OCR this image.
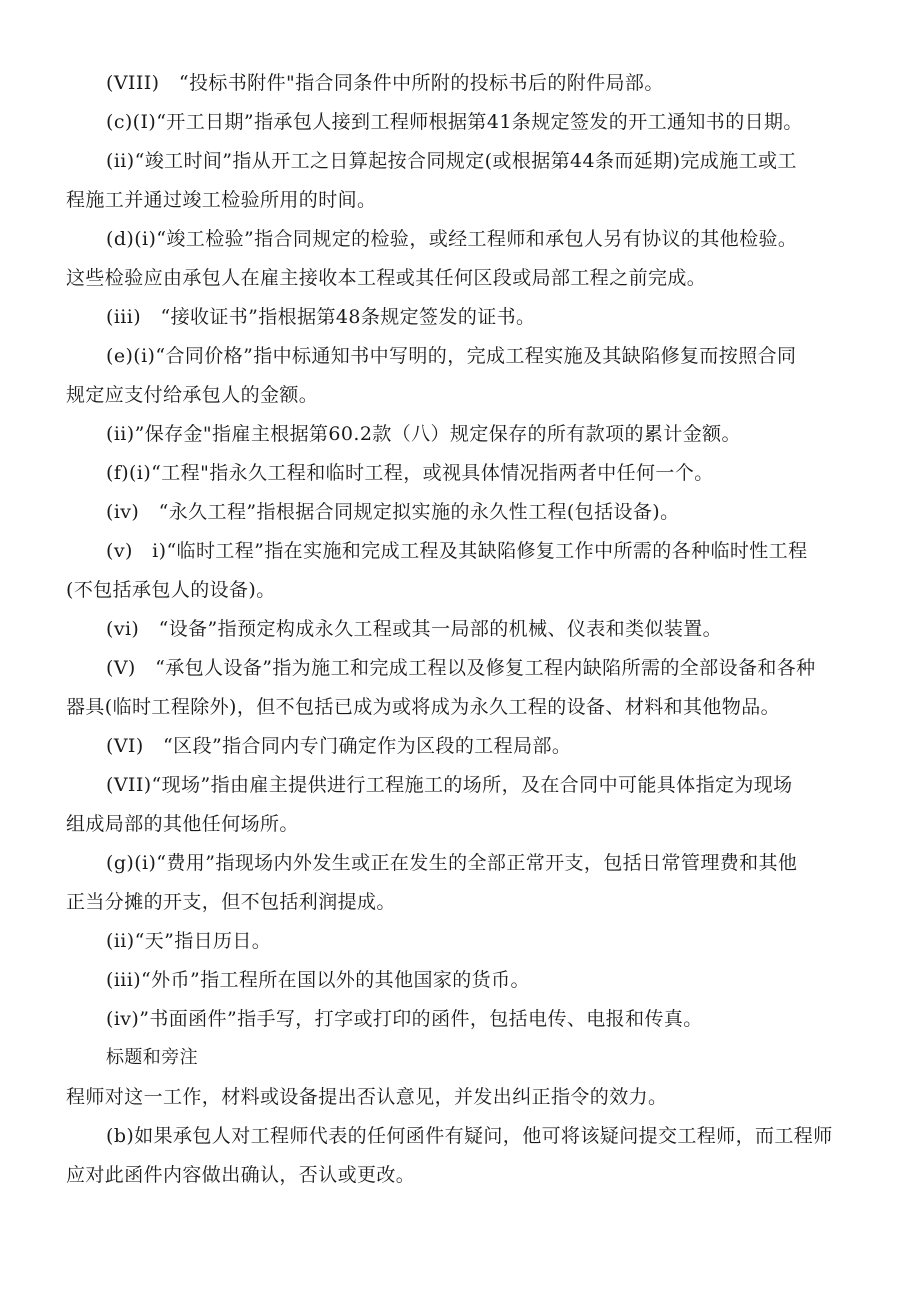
(VIII)　“投标书附件"指合同条件中所附的投标书后的附件局部。
(c)(I)“开工日期”指承包人接到工程师根据第41条规定签发的开工通知书的日期。
(ii)“竣工时间”指从开工之日算起按合同规定(或根据第44条而延期)完成施工或工
程施工并通过竣工检验所用的时间。
(d)(i)“竣工检验”指合同规定的检验，或经工程师和承包人另有协议的其他检验。
这些检验应由承包人在雇主接收本工程或其任何区段或局部工程之前完成。
(iii)　“接收证书”指根据第48条规定签发的证书。
(e)(i)“合同价格”指中标通知书中写明的，完成工程实施及其缺陷修复而按照合同
规定应支付给承包人的金额。
(ii)”保存金"指雇主根据第60.2款（八）规定保存的所有款项的累计金额。
(f)(i)“工程"指永久工程和临时工程，或视具体情况指两者中任何一个。
(iv)　“永久工程”指根据合同规定拟实施的永久性工程(包括设备)。
(v)　i)“临时工程”指在实施和完成工程及其缺陷修复工作中所需的各种临时性工程
(不包括承包人的设备)。
(vi)　“设备”指预定构成永久工程或其一局部的机械、仪表和类似装置。
(V)　“承包人设备”指为施工和完成工程以及修复工程内缺陷所需的全部设备和各种
器具(临时工程除外)，但不包括已成为或将成为永久工程的设备、材料和其他物品。
(VI)　“区段”指合同内专门确定作为区段的工程局部。
(VII)“现场”指由雇主提供进行工程施工的场所，及在合同中可能具体指定为现场
组成局部的其他任何场所。
(g)(i)“费用”指现场内外发生或正在发生的全部正常开支，包括日常管理费和其他
正当分摊的开支，但不包括利润提成。
(ii)“天”指日历日。
(iii)“外币”指工程所在国以外的其他国家的货币。
(iv)”书面函件”指手写，打字或打印的函件，包括电传、电报和传真。
标题和旁注
程师对这一工作，材料或设备提出否认意见，并发出纠正指令的效力。
(b)如果承包人对工程师代表的任何函件有疑问，他可将该疑问提交工程师，而工程师
应对此函件内容做出确认，否认或更改。
